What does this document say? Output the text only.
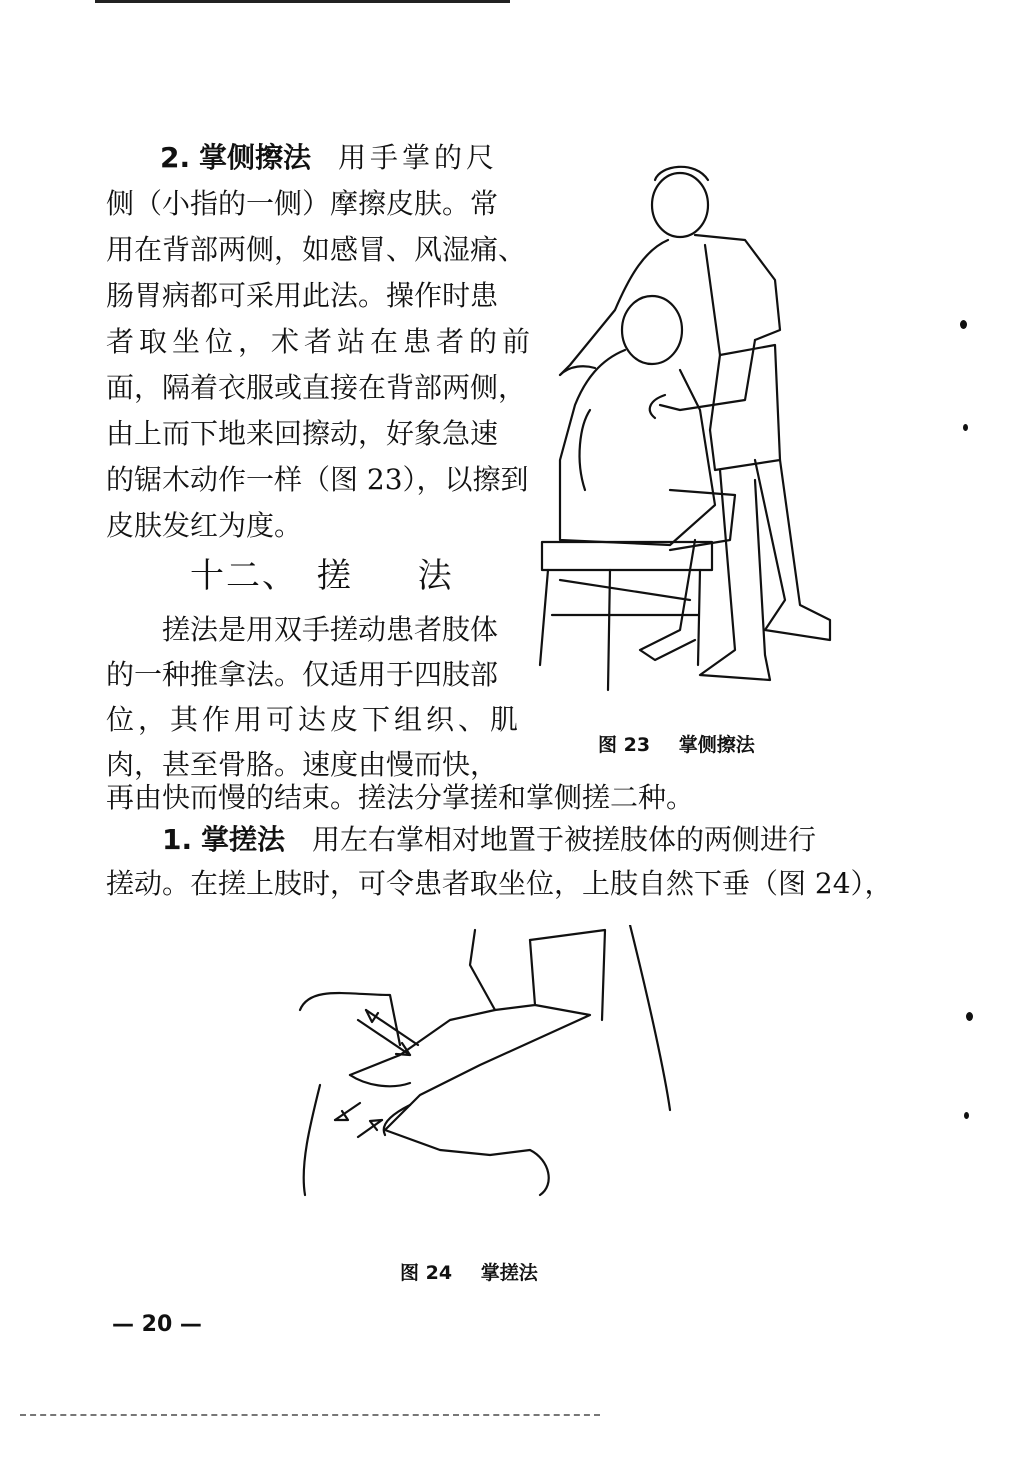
2. 掌侧擦法 用手掌的尺
侧（小指的一侧）摩擦皮肤。常
用在背部两侧，如感冒、风湿痛、
肠胃病都可采用此法。操作时患
者取坐位，术者站在患者的前
面，隔着衣服或直接在背部两侧，
由上而下地来回擦动，好象急速
的锯木动作一样（图 23），以擦到
皮肤发红为度。
十二、 搓 法
搓法是用双手搓动患者肢体
的一种推拿法。仅适用于四肢部
位，其作用可达皮下组织、肌
肉，甚至骨胳。速度由慢而快，
再由快而慢的结束。搓法分掌搓和掌侧搓二种。
1. 掌搓法 用左右掌相对地置于被搓肢体的两侧进行
搓动。在搓上肢时，可令患者取坐位，上肢自然下垂（图 24），
图 23 掌侧擦法
图 24 掌搓法
— 20 —
